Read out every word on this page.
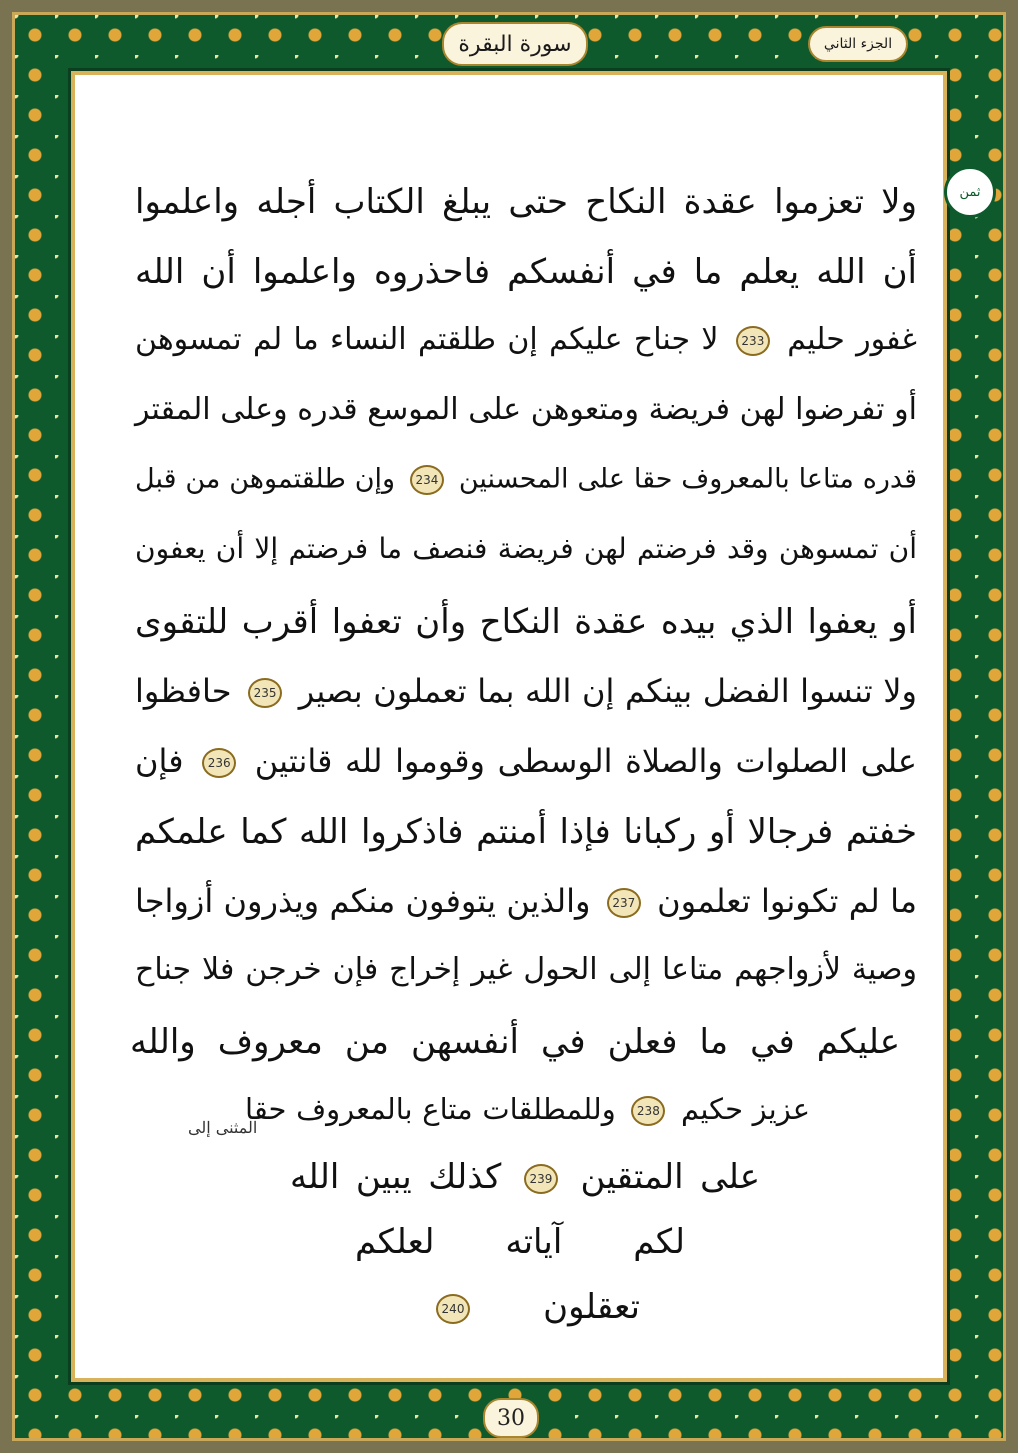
سورة البقرة	الجزء الثاني
ثمن
ولا تعزموا عقدة النكاح حتى يبلغ الكتاب أجله واعلموا
أن الله يعلم ما في أنفسكم فاحذروه واعلموا أن الله
غفور حليم 233 لا جناح عليكم إن طلقتم النساء ما لم تمسوهن
أو تفرضوا لهن فريضة ومتعوهن على الموسع قدره وعلى المقتر
قدره متاعا بالمعروف حقا على المحسنين 234 وإن طلقتموهن من قبل
أن تمسوهن وقد فرضتم لهن فريضة فنصف ما فرضتم إلا أن يعفون
أو يعفوا الذي بيده عقدة النكاح وأن تعفوا أقرب للتقوى
ولا تنسوا الفضل بينكم إن الله بما تعملون بصير 235 حافظوا
على الصلوات والصلاة الوسطى وقوموا لله قانتين 236 فإن
خفتم فرجالا أو ركبانا فإذا أمنتم فاذكروا الله كما علمكم
ما لم تكونوا تعلمون 237 والذين يتوفون منكم ويذرون أزواجا
وصية لأزواجهم متاعا إلى الحول غير إخراج فإن خرجن فلا جناح
عليكم في ما فعلن في أنفسهن من معروف والله
عزيز حكيم 238 وللمطلقات متاع بالمعروف حقا
على المتقين 239 كذلك يبين الله
لكم آياته لعلكم
تعقلون 240
المثنى إلى
30
